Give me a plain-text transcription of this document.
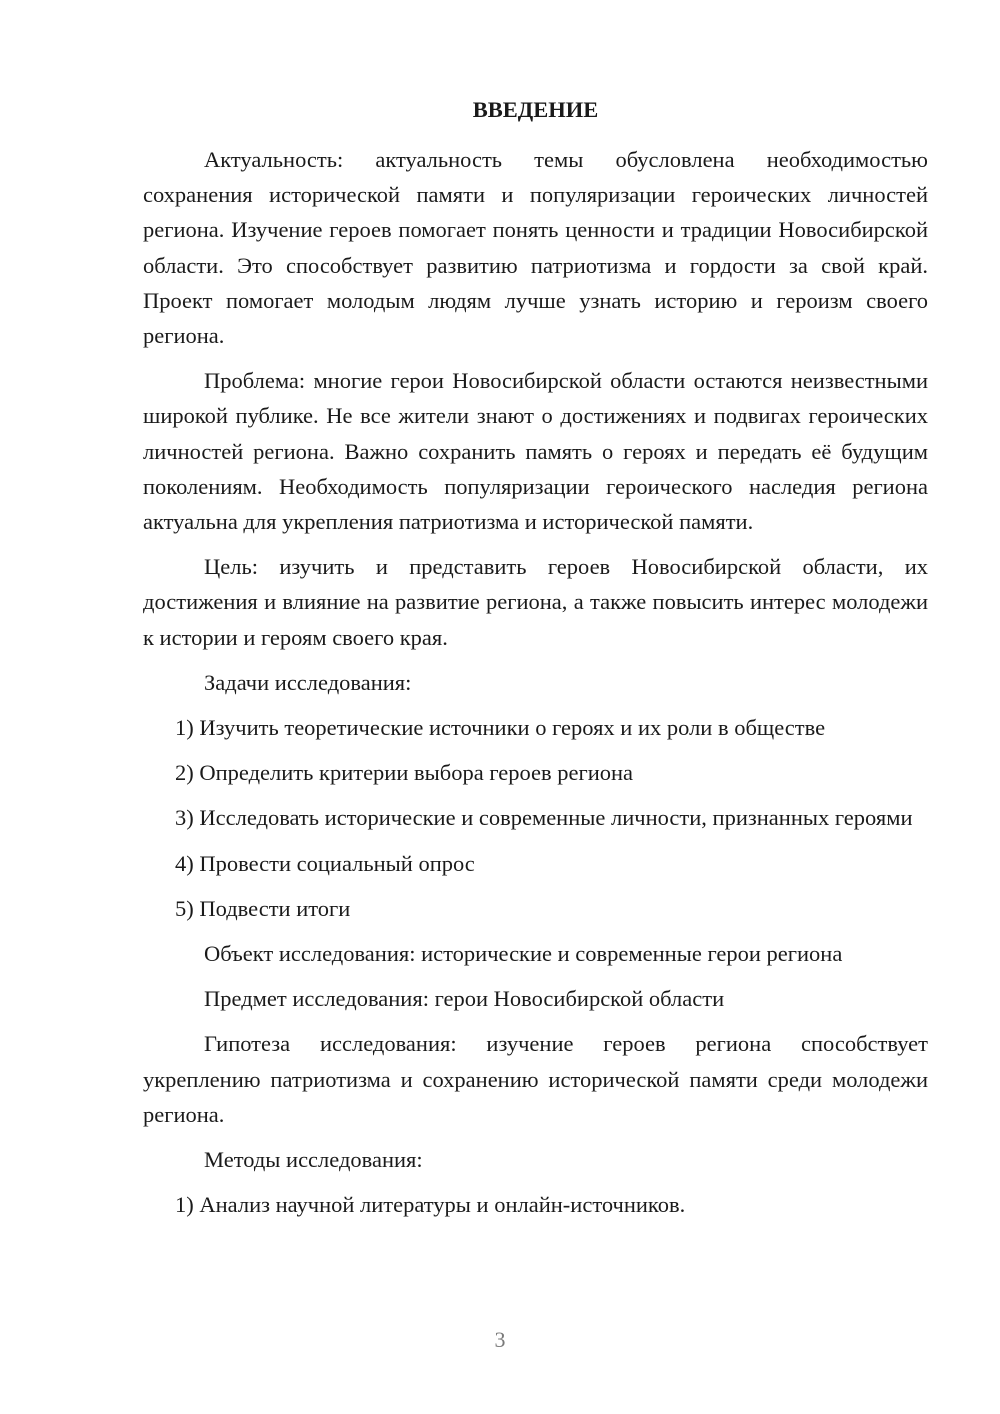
ВВЕДЕНИЕ

Актуальность: актуальность темы обусловлена необходимостью сохранения исторической памяти и популяризации героических личностей региона. Изучение героев помогает понять ценности и традиции Новосибирской области. Это способствует развитию патриотизма и гордости за свой край. Проект помогает молодым людям лучше узнать историю и героизм своего региона.

Проблема: многие герои Новосибирской области остаются неизвестными широкой публике. Не все жители знают о достижениях и подвигах героических личностей региона. Важно сохранить память о героях и передать её будущим поколениям. Необходимость популяризации героического наследия региона актуальна для укрепления патриотизма и исторической памяти.

Цель: изучить и представить героев Новосибирской области, их достижения и влияние на развитие региона, а также повысить интерес молодежи к истории и героям своего края.

Задачи исследования:

1) Изучить теоретические источники о героях и их роли в обществе

2) Определить критерии выбора героев региона

3) Исследовать исторические и современные личности, признанных героями

4) Провести социальный опрос

5) Подвести итоги

Объект исследования: исторические и современные герои региона

Предмет исследования: герои Новосибирской области

Гипотеза исследования: изучение героев региона способствует укреплению патриотизма и сохранению исторической памяти среди молодежи региона.

Методы исследования:

1) Анализ научной литературы и онлайн-источников.

3
